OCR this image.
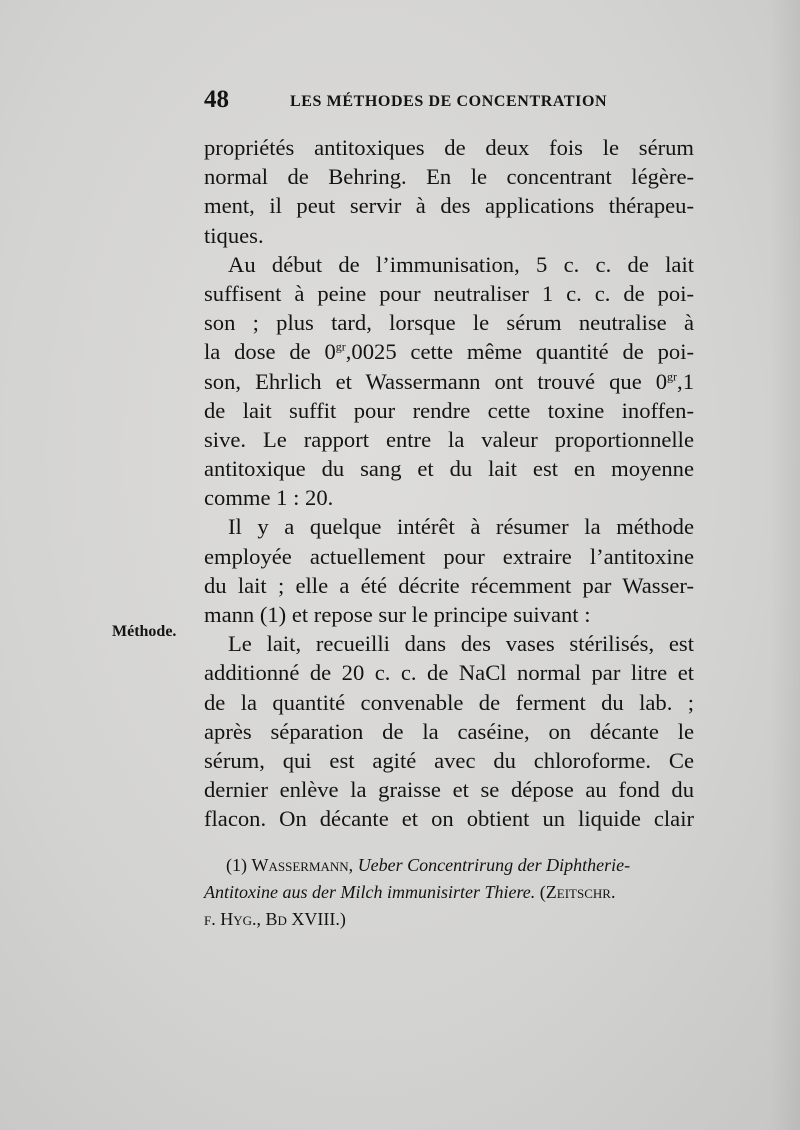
48	LES MÉTHODES DE CONCENTRATION
Méthode.
propriétés antitoxiques de deux fois le sérum
normal de Behring. En le concentrant légère-
ment, il peut servir à des applications thérapeu-
tiques.
Au début de l’immunisation, 5 c. c. de lait
suffisent à peine pour neutraliser 1 c. c. de poi-
son ; plus tard, lorsque le sérum neutralise à
la dose de $0^{gr},0025$ cette même quantité de poi-
son, Ehrlich et Wassermann ont trouvé que $0^{gr},1$
de lait suffit pour rendre cette toxine inoffen-
sive. Le rapport entre la valeur proportionnelle
antitoxique du sang et du lait est en moyenne
comme 1 : 20.
Il y a quelque intérêt à résumer la méthode
employée actuellement pour extraire l’antitoxine
du lait ; elle a été décrite récemment par Wasser-
mann (1) et repose sur le principe suivant :
Le lait, recueilli dans des vases stérilisés, est
additionné de 20 c. c. de NaCl normal par litre et
de la quantité convenable de ferment du lab. ;
après séparation de la caséine, on décante le
sérum, qui est agité avec du chloroforme. Ce
dernier enlève la graisse et se dépose au fond du
flacon. On décante et on obtient un liquide clair
(1) Wassermann, Ueber Concentrirung der Diphtherie-
Antitoxine aus der Milch immunisirter Thiere. (Zeitschr.
f. Hyg., Bd XVIII.)
